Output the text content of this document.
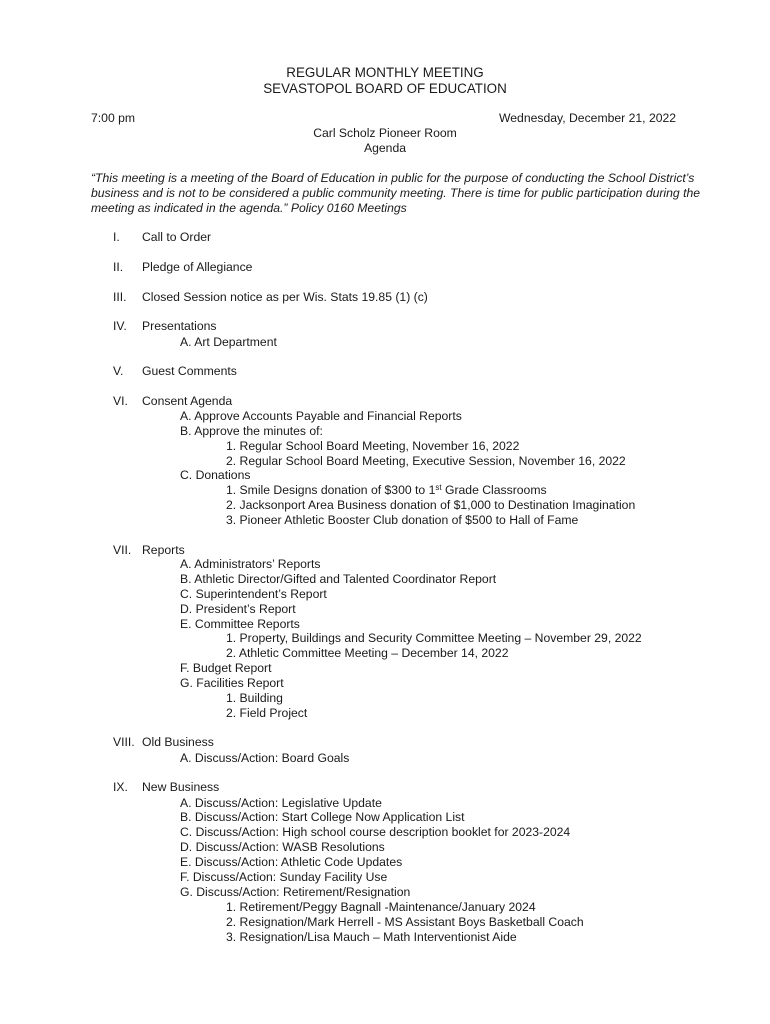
REGULAR MONTHLY MEETING
SEVASTOPOL BOARD OF EDUCATION
7:00 pm	Wednesday, December 21, 2022
Carl Scholz Pioneer Room
Agenda
“This meeting is a meeting of the Board of Education in public for the purpose of conducting the School District’s business and is not to be considered a public community meeting. There is time for public participation during the meeting as indicated in the agenda.” Policy 0160 Meetings
I. Call to Order
II. Pledge of Allegiance
III. Closed Session notice as per Wis. Stats 19.85 (1) (c)
IV. Presentations
A. Art Department
V. Guest Comments
VI. Consent Agenda
A. Approve Accounts Payable and Financial Reports
B. Approve the minutes of:
1. Regular School Board Meeting, November 16, 2022
2. Regular School Board Meeting, Executive Session, November 16, 2022
C. Donations
1. Smile Designs donation of $300 to 1st Grade Classrooms
2. Jacksonport Area Business donation of $1,000 to Destination Imagination
3. Pioneer Athletic Booster Club donation of $500 to Hall of Fame
VII. Reports
A. Administrators’ Reports
B. Athletic Director/Gifted and Talented Coordinator Report
C. Superintendent’s Report
D. President’s Report
E. Committee Reports
1. Property, Buildings and Security Committee Meeting – November 29, 2022
2. Athletic Committee Meeting – December 14, 2022
F. Budget Report
G. Facilities Report
1. Building
2. Field Project
VIII. Old Business
A. Discuss/Action: Board Goals
IX. New Business
A. Discuss/Action: Legislative Update
B. Discuss/Action: Start College Now Application List
C. Discuss/Action: High school course description booklet for 2023-2024
D. Discuss/Action: WASB Resolutions
E. Discuss/Action: Athletic Code Updates
F. Discuss/Action: Sunday Facility Use
G. Discuss/Action: Retirement/Resignation
1. Retirement/Peggy Bagnall -Maintenance/January 2024
2. Resignation/Mark Herrell - MS Assistant Boys Basketball Coach
3. Resignation/Lisa Mauch – Math Interventionist Aide
